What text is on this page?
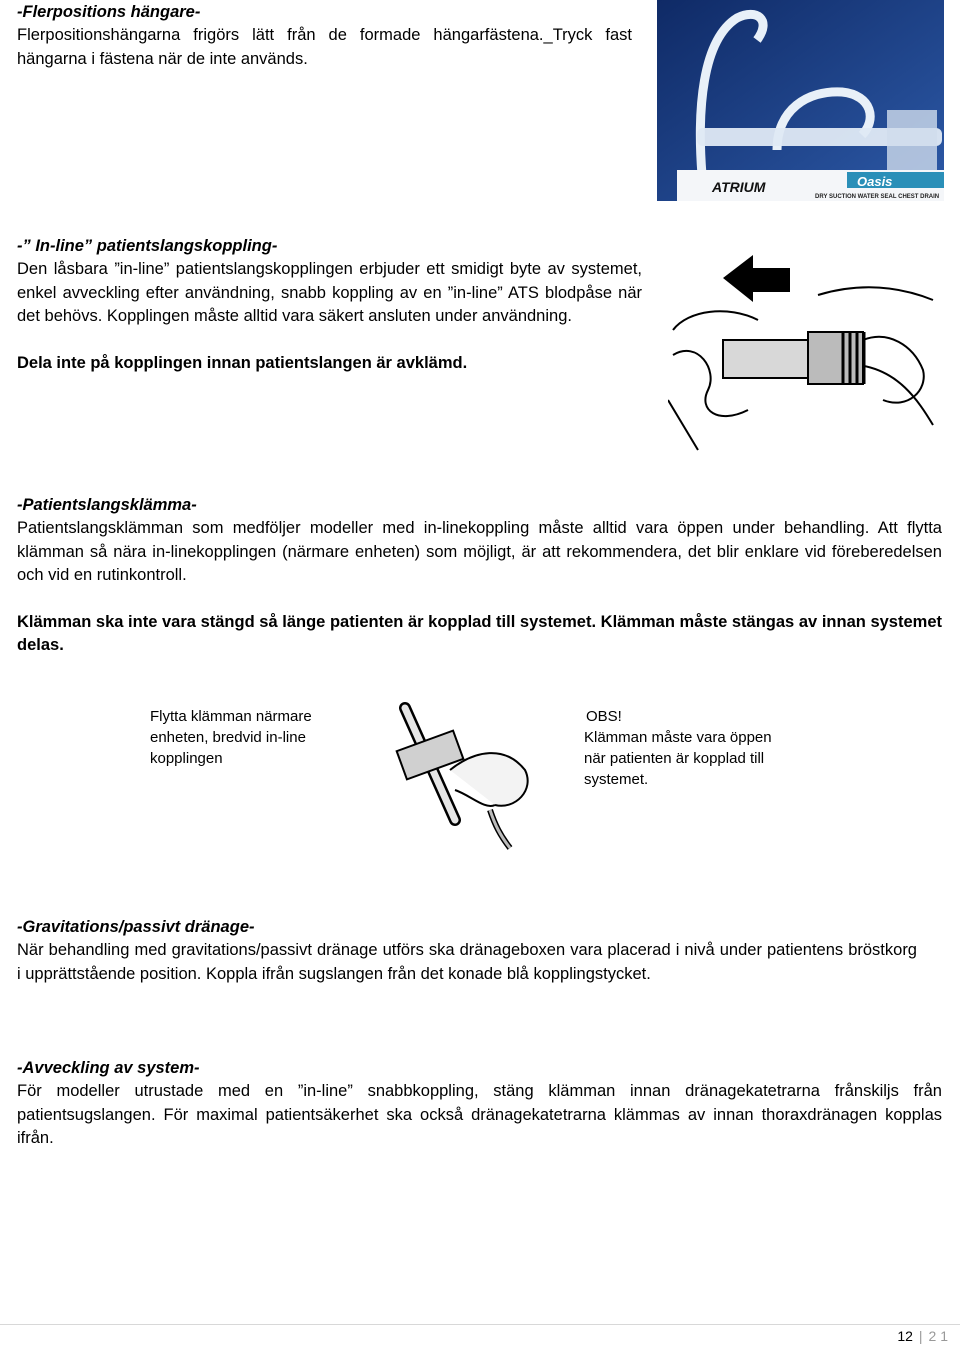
-Flerpositions hängare-
Flerpositionshängarna frigörs lätt från de formade hängarfästena._Tryck fast hängarna i fästena när de inte används.
ATRIUM	Oasis
DRY SUCTION WATER SEAL CHEST DRAIN
-” In-line” patientslangskoppling-
Den låsbara ”in-line” patientslangskopplingen erbjuder ett smidigt byte av systemet, enkel avveckling efter användning, snabb koppling av en ”in-line” ATS blodpåse när det behövs. Kopplingen måste alltid vara säkert ansluten under användning.
Dela inte på kopplingen innan patientslangen är avklämd.
-Patientslangsklämma-
Patientslangsklämman som medföljer modeller med in-linekoppling måste alltid vara öppen under behandling. Att flytta klämman så nära in-linekopplingen (närmare enheten) som möjligt, är att rekommendera, det blir enklare vid föreberedelsen och vid en rutinkontroll.
Klämman ska inte vara stängd så länge patienten är kopplad till systemet. Klämman måste stängas av innan systemet delas.
Flytta klämman närmare enheten, bredvid in-line kopplingen
OBS!
Klämman måste vara öppen när patienten är kopplad till systemet.
-Gravitations/passivt dränage-
När behandling med gravitations/passivt dränage utförs ska dränageboxen vara placerad i nivå under patientens bröstkorg i upprättstående position. Koppla ifrån sugslangen från det konade blå kopplingstycket.
-Avveckling av system-
För modeller utrustade med en ”in-line” snabbkoppling, stäng klämman innan dränagekatetrarna frånskiljs från patientsugslangen. För maximal patientsäkerhet ska också dränagekatetrarna klämmas av innan thoraxdränagen kopplas ifrån.
12 | 2 1
